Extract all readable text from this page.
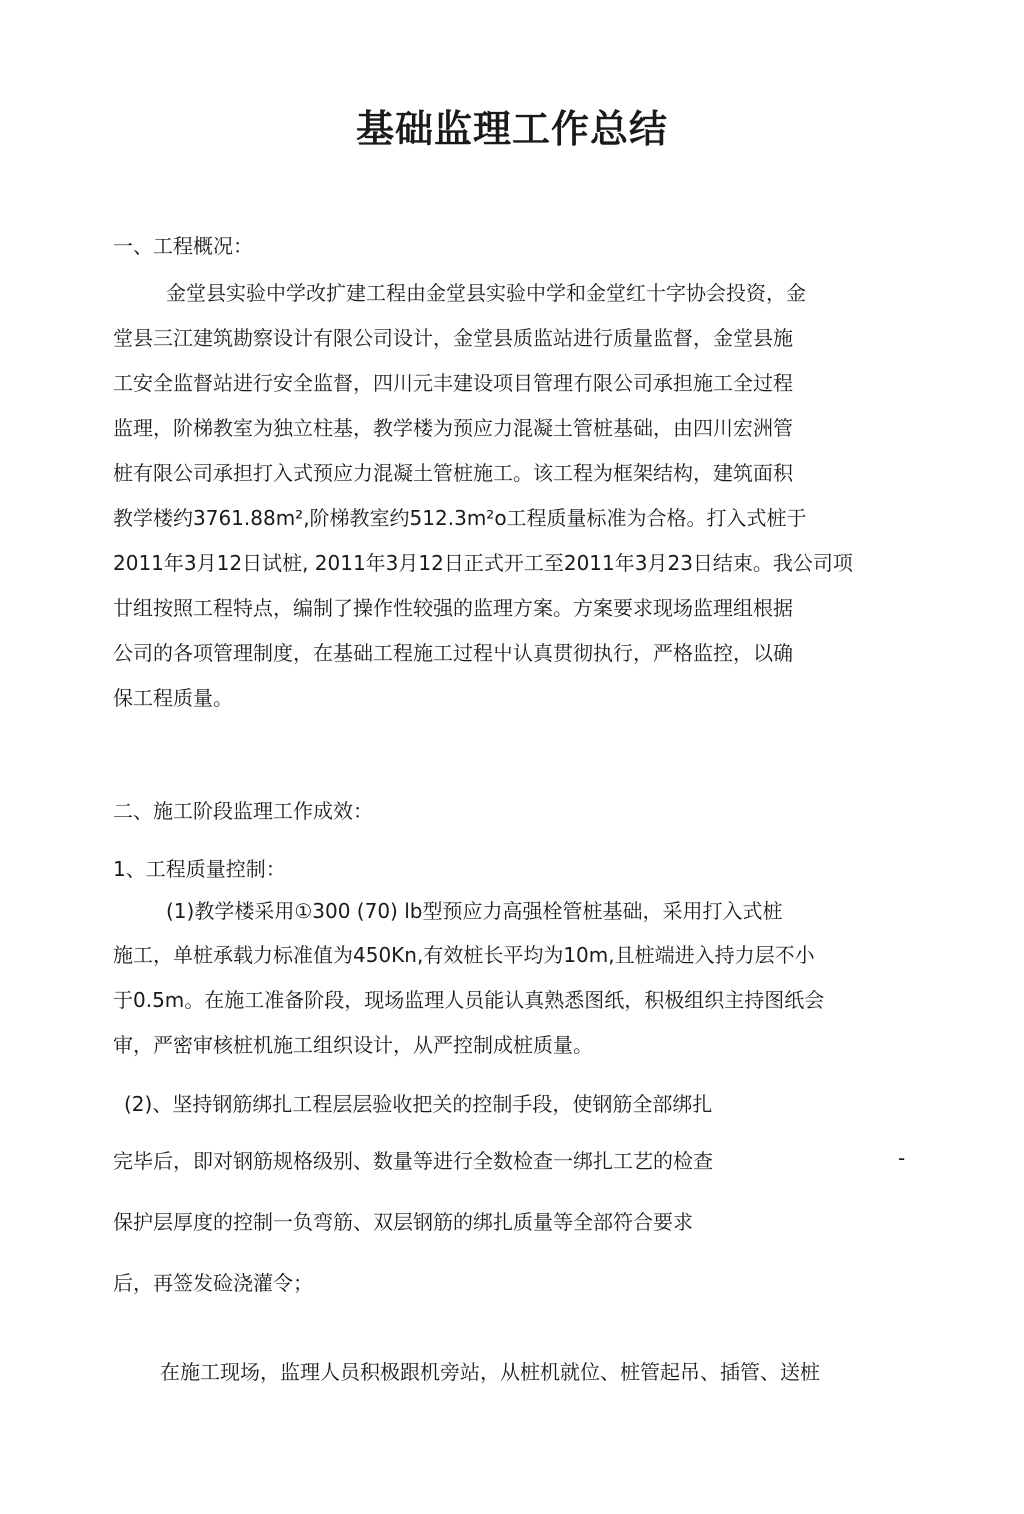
基础监理工作总结
一、工程概况：

金堂县实验中学改扩建工程由金堂县实验中学和金堂红十字协会投资，金

堂县三江建筑勘察设计有限公司设计，金堂县质监站进行质量监督，金堂县施

工安全监督站进行安全监督，四川元丰建设项目管理冇限公司承担施工全过程

监理，阶梯教室为独立柱基，教学楼为预应力混凝土管桩基础，由四川宏洲管

桩有限公司承担打入式预应力混凝土管桩施工。该工程为框架结构，建筑面积

教学楼约3761.88m²,阶梯教室约512.3m²o工程质量标准为合格。打入式桩于

2011年3月12日试桩, 2011年3月12日正式开工至2011年3月23日结束。我公司项

廿组按照工程特点，编制了操作性较强的监理方案。方案要求现场监理组根据

公司的各项管理制度，在基础工程施工过程屮认真贯彻执行，严格监控，以确

保工程质量。

二、施工阶段监理工作成效：
1、工程质量控制：

(1)教学楼采用①300 (70) lb型预应力高强栓管桩基础，采用打入式桩

施工，单桩承载力标准值为450Kn,有效桩长平均为10m,且桩端进入持力层不小

于0.5m。在施工准备阶段，现场监理人员能认真熟悉图纸，积极组织主持图纸会

审，严密审核桩机施工组织设计，从严控制成桩质量。

(2)、坚持钢筋绑扎工程层层验收把关的控制手段，使钢筋全部绑扎

完毕后，即对钢筋规格级别、数量等进行全数检查一绑扎工艺的检查	-

保护层厚度的控制一负弯筋、双层钢筋的绑扎质量等全部符合要求

后，再签发硷浇灌令；

在施工现场，监理人员积极跟机旁站，从桩机就位、桩管起吊、插管、送桩
